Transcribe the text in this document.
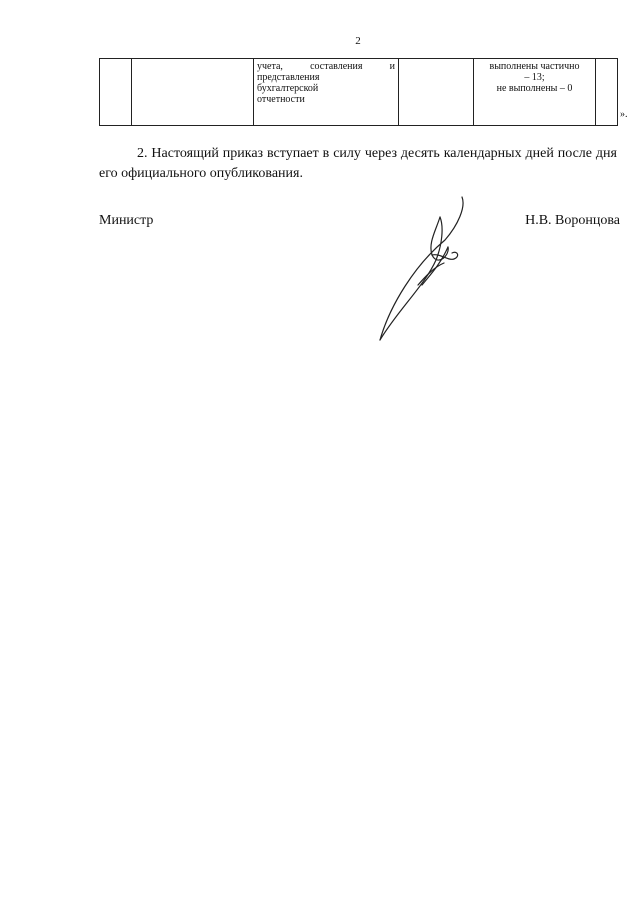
2

учета,	составления	и
представления бухгалтерской отчетности

выполнены частично
– 13;
не выполнены – 0

».

2. Настоящий приказ вступает в силу через десять календарных дней после дня его официального опубликования.

Министр	Н.В. Воронцова
